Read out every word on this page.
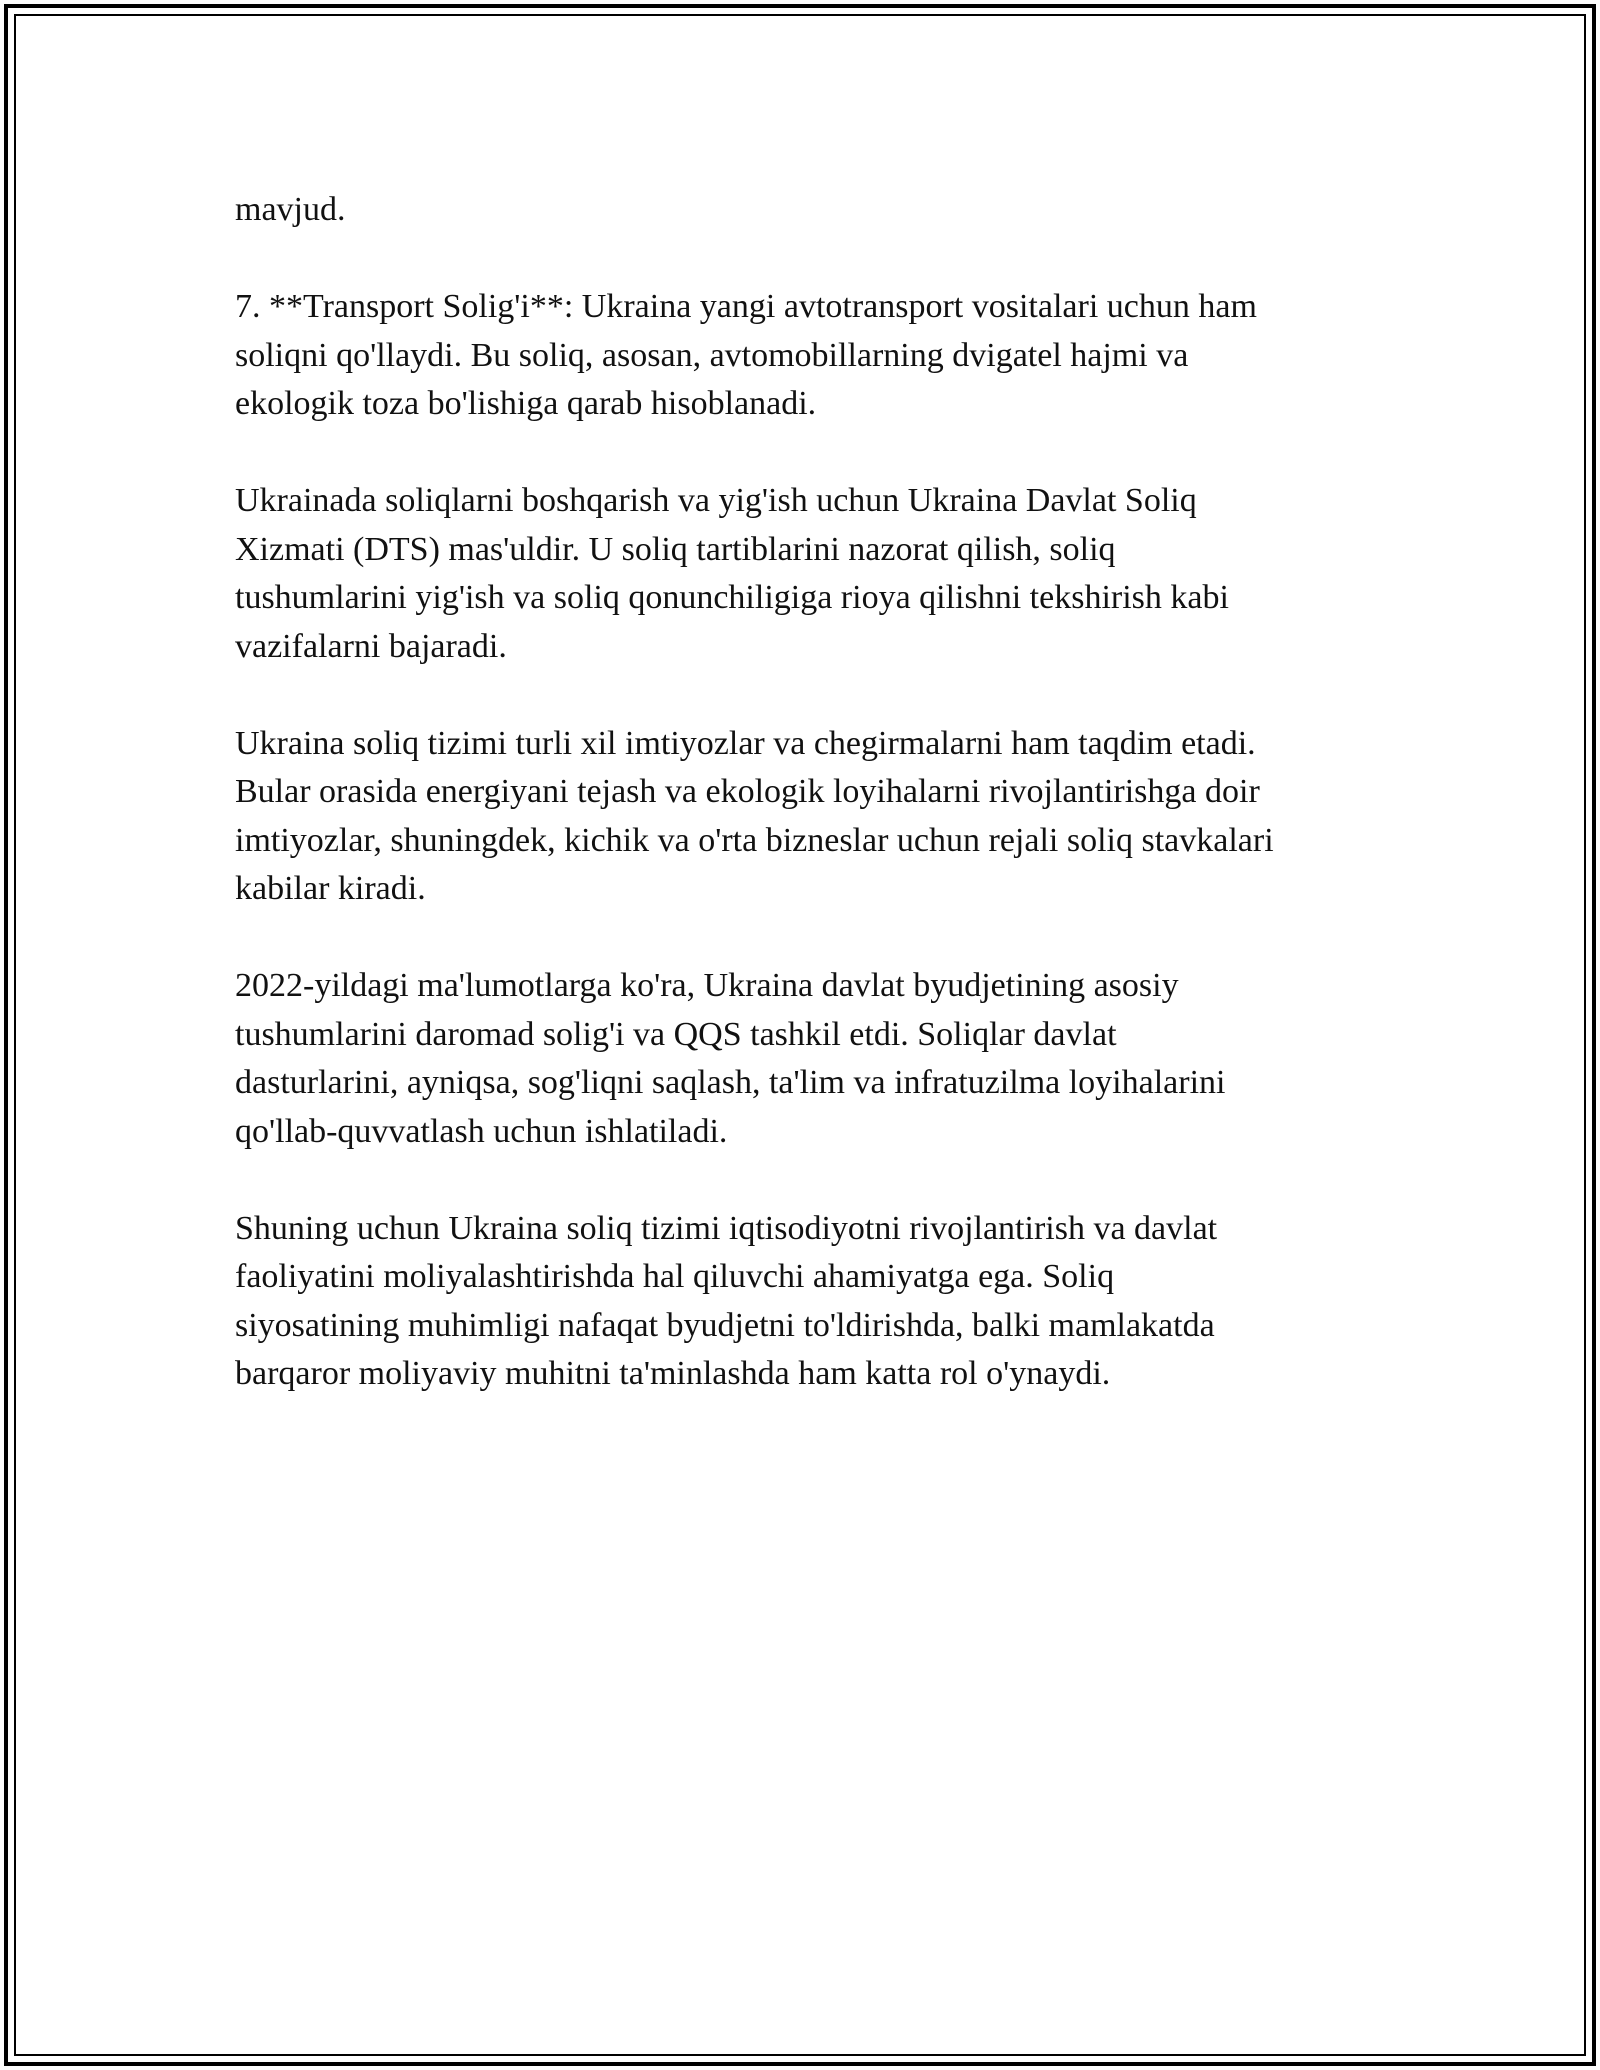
mavjud.

7. **Transport Solig'i**: Ukraina yangi avtotransport vositalari uchun ham
soliqni qo'llaydi. Bu soliq, asosan, avtomobillarning dvigatel hajmi va
ekologik toza bo'lishiga qarab hisoblanadi.

Ukrainada soliqlarni boshqarish va yig'ish uchun Ukraina Davlat Soliq
Xizmati (DTS) mas'uldir. U soliq tartiblarini nazorat qilish, soliq
tushumlarini yig'ish va soliq qonunchiligiga rioya qilishni tekshirish kabi
vazifalarni bajaradi.

Ukraina soliq tizimi turli xil imtiyozlar va chegirmalarni ham taqdim etadi.
Bular orasida energiyani tejash va ekologik loyihalarni rivojlantirishga doir
imtiyozlar, shuningdek, kichik va o'rta bizneslar uchun rejali soliq stavkalari
kabilar kiradi.

2022-yildagi ma'lumotlarga ko'ra, Ukraina davlat byudjetining asosiy
tushumlarini daromad solig'i va QQS tashkil etdi. Soliqlar davlat
dasturlarini, ayniqsa, sog'liqni saqlash, ta'lim va infratuzilma loyihalarini
qo'llab-quvvatlash uchun ishlatiladi.

Shuning uchun Ukraina soliq tizimi iqtisodiyotni rivojlantirish va davlat
faoliyatini moliyalashtirishda hal qiluvchi ahamiyatga ega. Soliq
siyosatining muhimligi nafaqat byudjetni to'ldirishda, balki mamlakatda
barqaror moliyaviy muhitni ta'minlashda ham katta rol o'ynaydi.
